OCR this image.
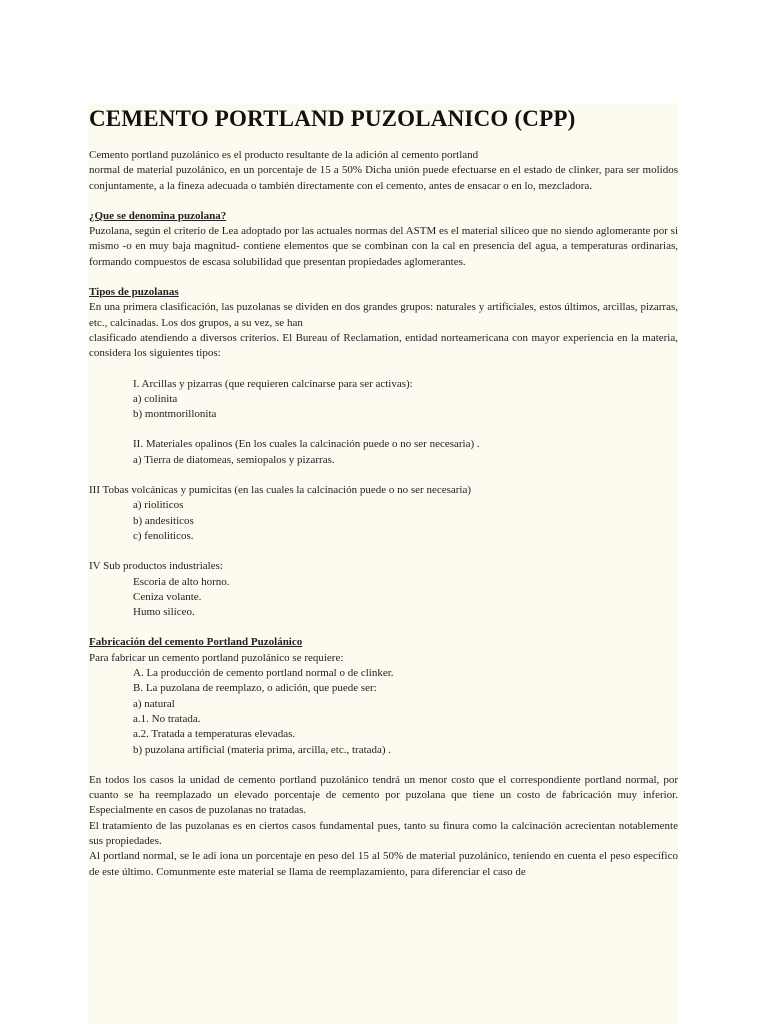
CEMENTO PORTLAND PUZOLANICO (CPP)

Cemento portland puzolánico es el producto resultante de la adición al cemento portland

normal de material puzolánico, en un porcentaje de 15 a 50% Dicha unión puede efectuarse en el estado de clinker, para ser molidos conjuntamente, a la fineza adecuada o también directamente con el cemento, antes de ensacar o en lo, mezcladora.

¿Que se denomina puzolana?

Puzolana, según el criterio de Lea adoptado por las actuales normas del ASTM es el material silíceo que no siendo aglomerante por si mismo -o en muy baja magnitud- contiene elementos que se combinan con la cal en presencia del agua, a temperaturas ordinarias, formando compuestos de escasa solubilidad que presentan propiedades aglomerantes.

Tipos de puzolanas

En una primera clasificación, las puzolanas se dividen en dos grandes grupos: naturales y artificiales, estos últimos, arcillas, pizarras, etc., calcinadas. Los dos grupos, a su vez, se han

clasificado atendiendo a diversos criterios. El Bureau of Reclamation, entidad norteamericana con mayor experiencia en la materia, considera los siguientes tipos:

I. Arcillas y pizarras (que requieren calcinarse para ser activas):
a) colinita
b) montmorillonita
II. Materiales opalinos (En los cuales la calcinación puede o no ser necesaria) .
a) Tierra de diatomeas, semiopalos y pizarras.
III Tobas volcánicas y pumicitas (en las cuales la calcinación puede o no ser necesaria)
a) rioliticos
b) andesiticos
c) fenoliticos.
IV Sub productos industriales:
Escoria de alto horno.
Ceniza volante.
Humo silíceo.

Fabricación del cemento Portland Puzolánico

Para fabricar un cemento portland puzolánico se requiere:

A. La producción de cemento portland normal o de clinker.
B. La puzolana de reemplazo, o adición, que puede ser:
a) natural
a.1. No tratada.
a.2. Tratada a temperaturas elevadas.
b) puzolana artificial (materia prima, arcilla, etc., tratada) .

En todos los casos la unidad de cemento portland puzolánico tendrá un menor costo que el correspondiente portland normal, por cuanto se ha reemplazado un elevado porcentaje de cemento por puzolana que tiene un costo de fabricación muy inferior. Especialmente en casos de puzolanas no tratadas.

El tratamiento de las puzolanas es en ciertos casos fundamental pues, tanto su finura como la calcinación acrecientan notablemente sus propiedades.

Al portland normal, se le adi iona un porcentaje en peso del 15 al 50% de material puzolánico, teniendo en cuenta el peso específico de este último. Comunmente este material se llama de reemplazamiento, para diferenciar el caso de
